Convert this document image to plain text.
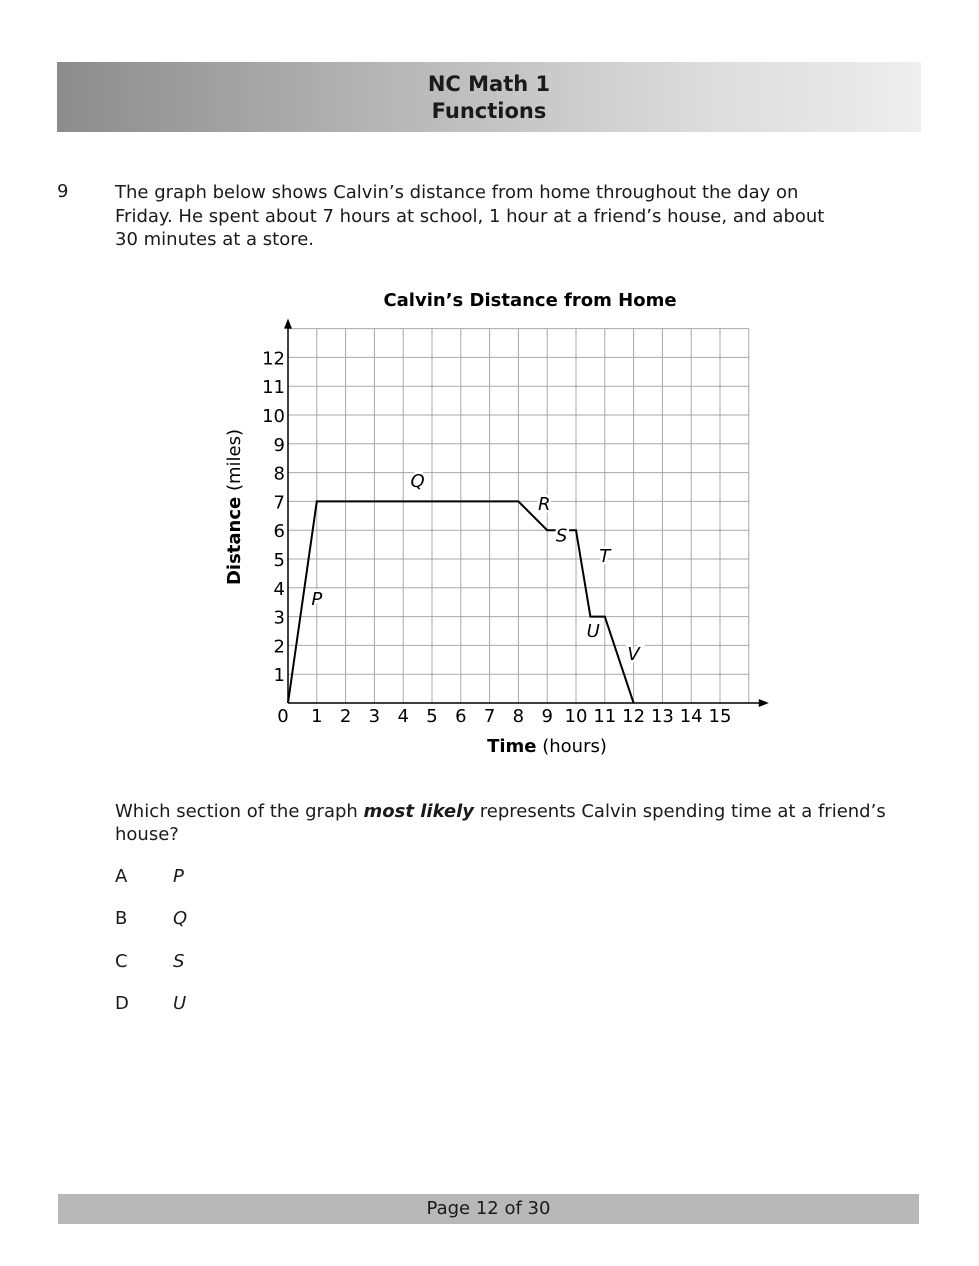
NC Math 1
Functions
9	The graph below shows Calvin’s distance from home throughout the day on Friday. He spent about 7 hours at school, 1 hour at a friend’s house, and about 30 minutes at a store.
Calvin’s Distance from Home
0 1 2 3 4 5 6 7 8 9 10 11 12 13 14 15
1
2
3
4
5
6
7
8
9
10
11
12
P
Q
R
S
T
U
V
Time (hours)
Distance (miles)
Which section of the graph most likely represents Calvin spending time at a friend’s house?
A	P
B	Q
C	S
D U
Page 12 of 30
